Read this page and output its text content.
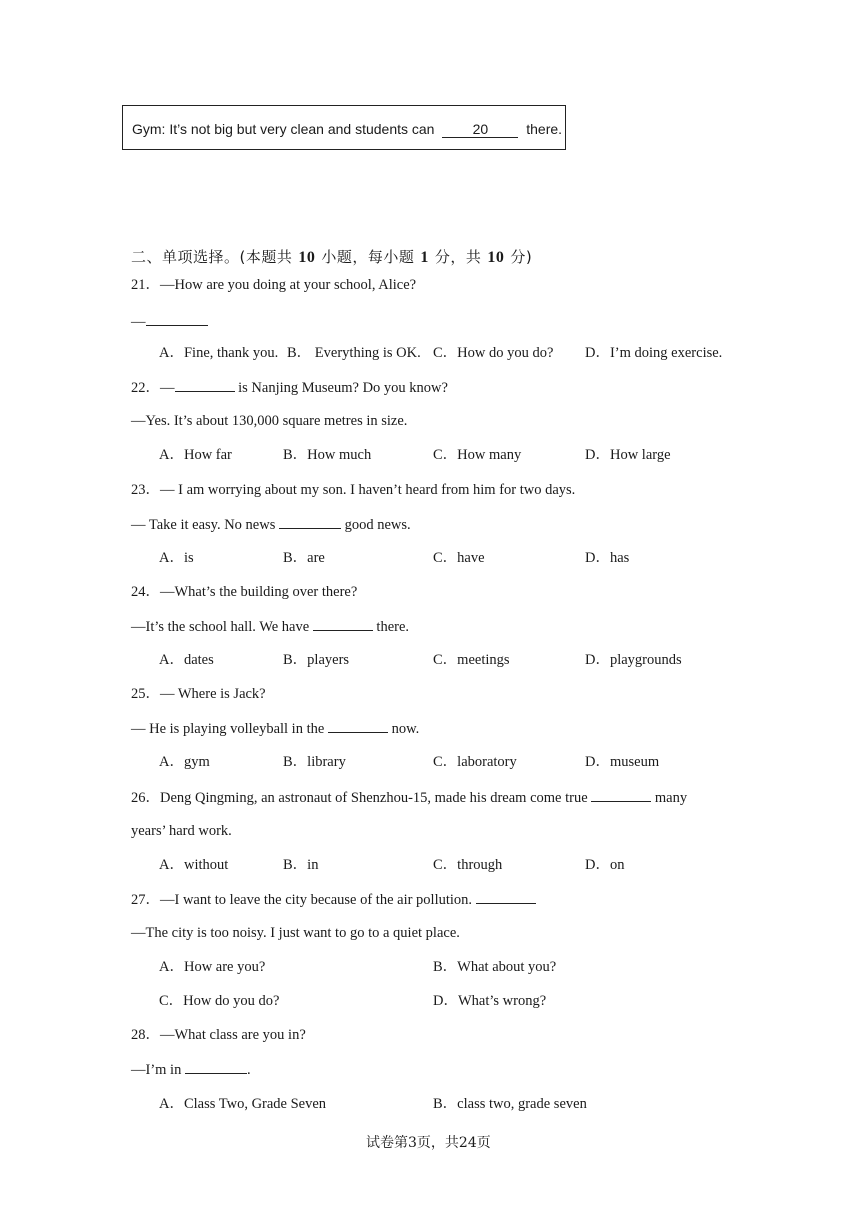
Gym: It’s not big but very clean and students can	20	there.
二、单项选择。(本题共 10 小题，每小题 1 分，共 10 分)
21．—How are you doing at your school, Alice?
—
A．Fine, thank you. B． Everything is OK. C．How do you do? D．I’m doing exercise.
22．—	is Nanjing Museum? Do you know?
—Yes. It’s about 130,000 square metres in size.
A．How far	B．How much	C．How many	D．How large
23．— I am worrying about my son. I haven’t heard from him for two days.
— Take it easy. No news	good news.
A．is	B．are	C．have	D．has
24．—What’s the building over there?
—It’s the school hall. We have	there.
A．dates	B．players	C．meetings	D．playgrounds
25．— Where is Jack?
— He is playing volleyball in the	now.
A．gym	B．library	C．laboratory	D．museum
26．Deng Qingming, an astronaut of Shenzhou-15, made his dream come true	many
years’ hard work.
A．without	B．in	C．through	D．on
27．—I want to leave the city because of the air pollution.
—The city is too noisy. I just want to go to a quiet place.
A．How are you?	B．What about you?
C．How do you do?	D．What’s wrong?
28．—What class are you in?
—I’m in	.
A．Class Two, Grade Seven	B．class two, grade seven
试卷第3页，共24页
